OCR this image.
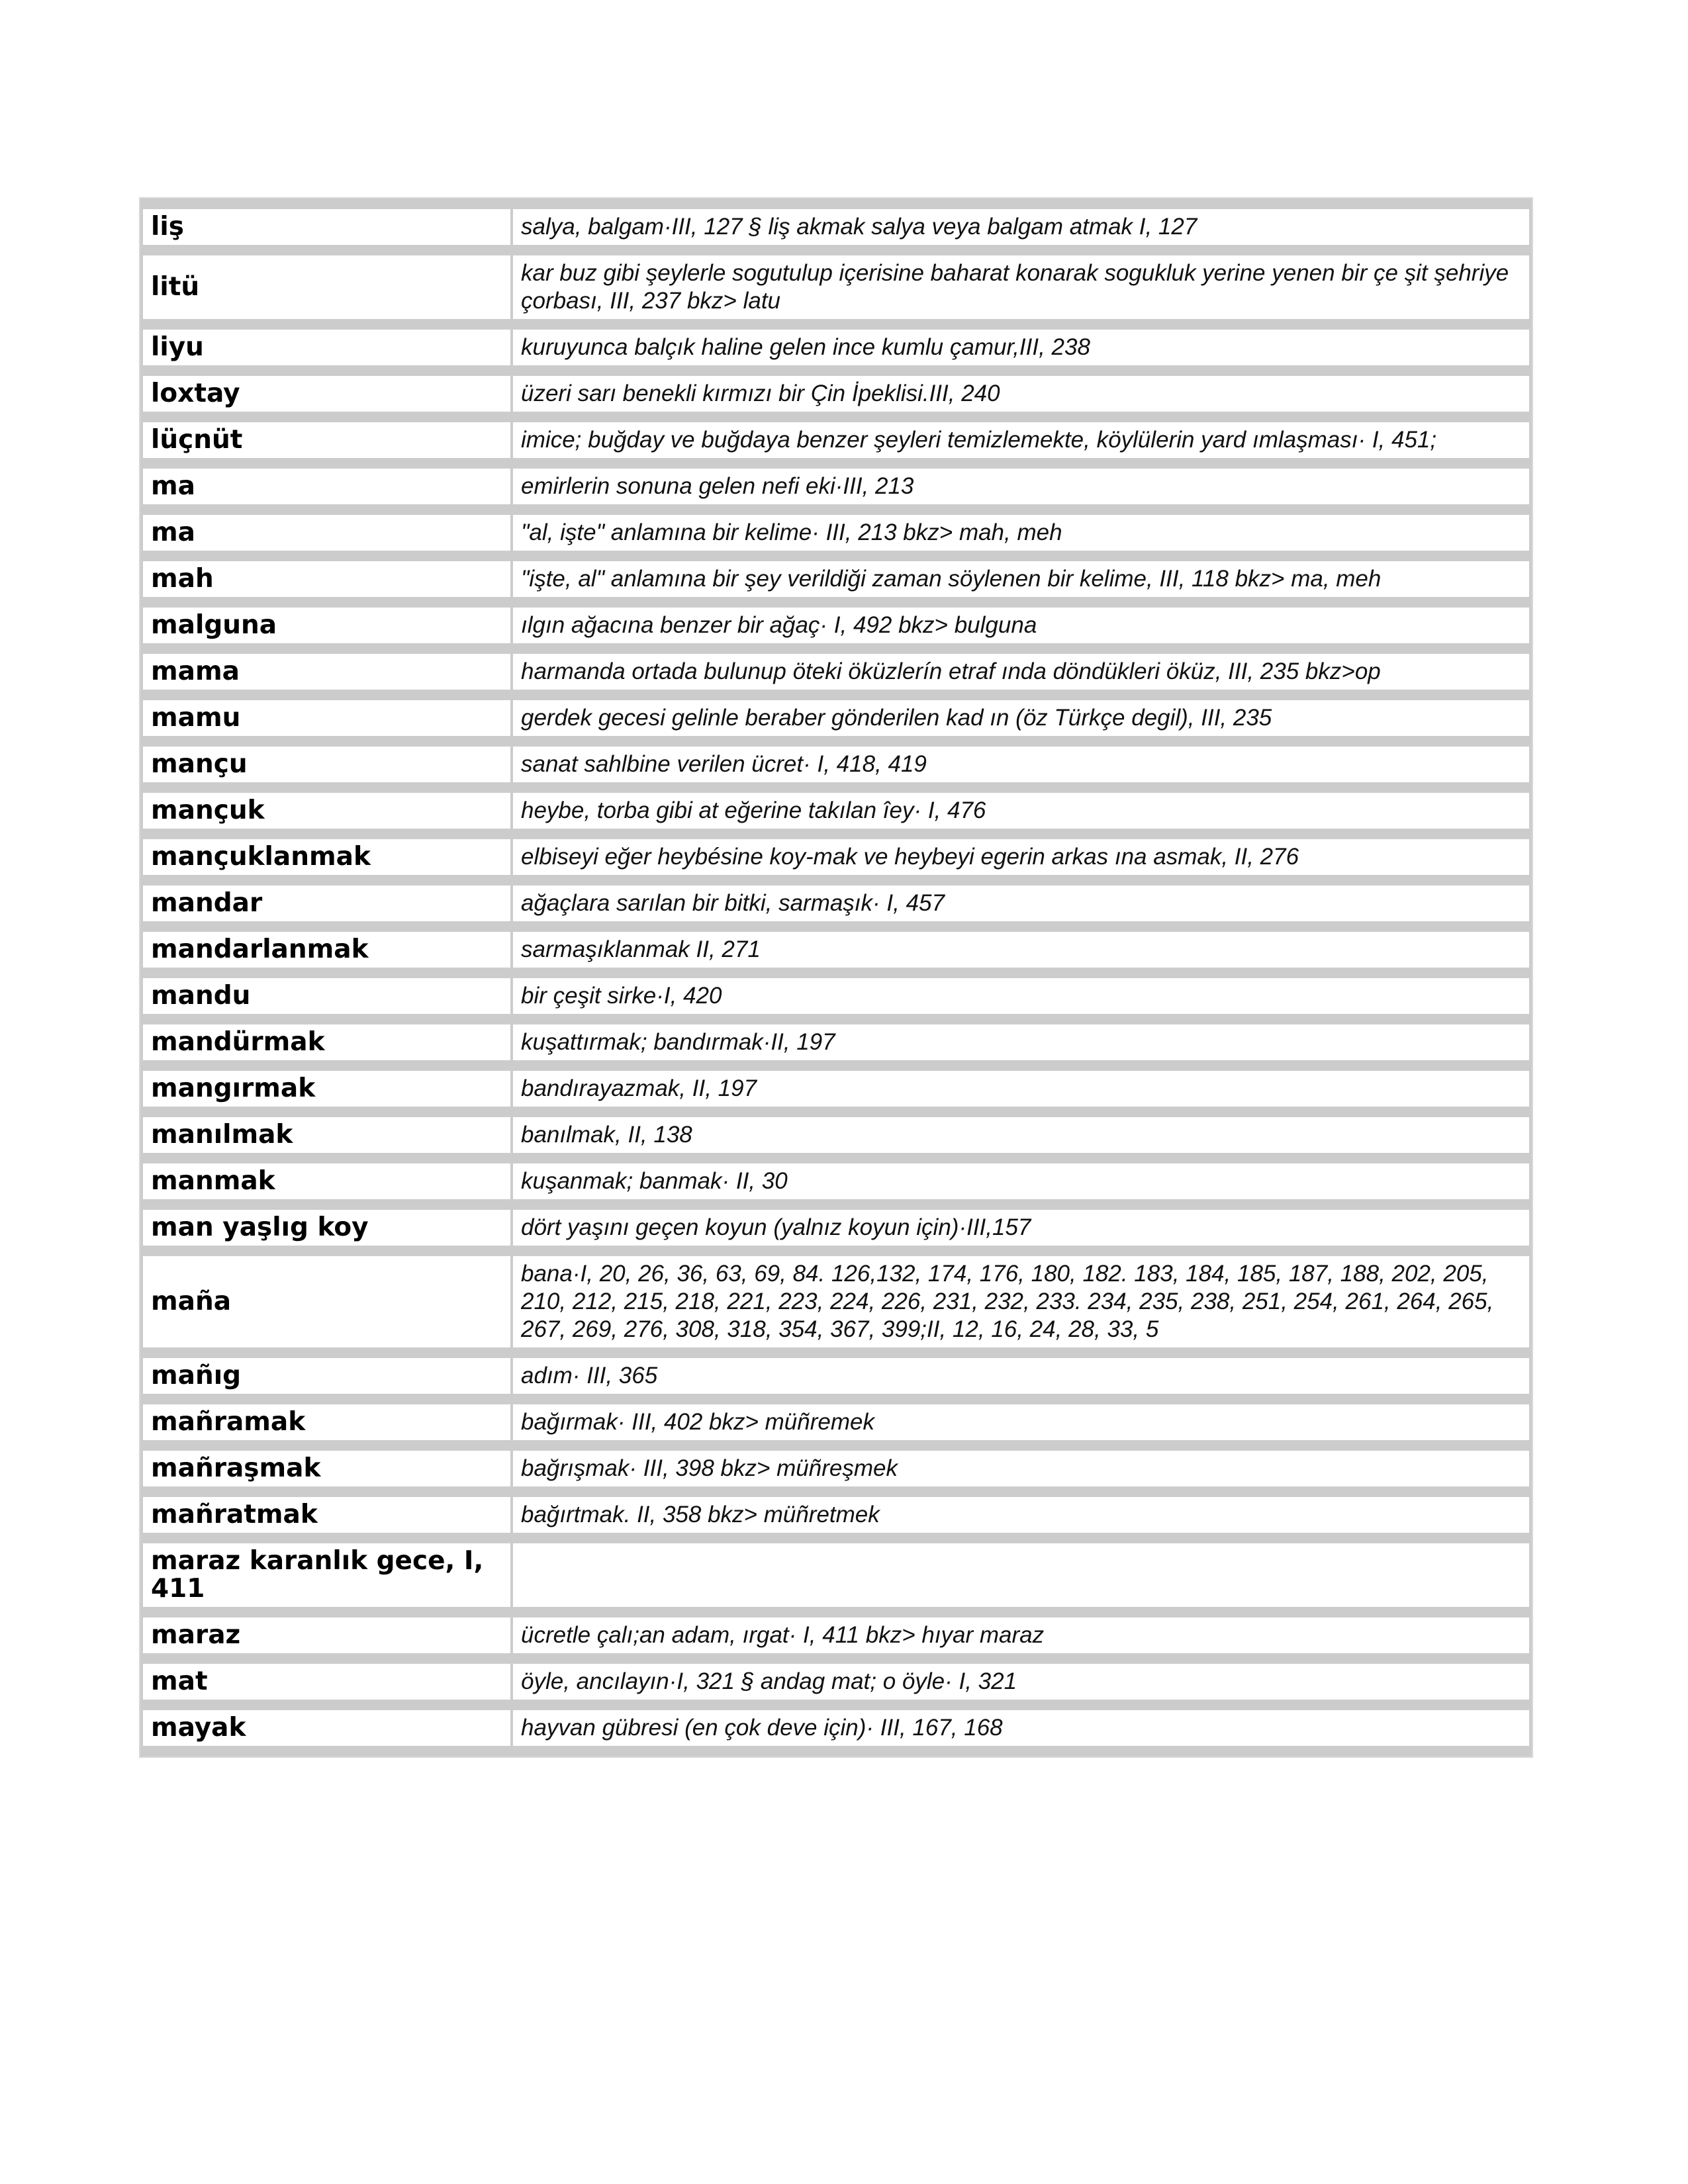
liş	salya, balgam·III, 127 § liş akmak salya veya balgam atmak I, 127
litü	kar buz gibi şeylerle sogutulup içerisine baharat konarak sogukluk yerine yenen bir çe şit şehriye çorbası, III, 237 bkz> latu
liyu	kuruyunca balçık haline gelen ince kumlu çamur,III, 238
loxtay	üzeri sarı benekli kırmızı bir Çin İpeklisi.III, 240
lüçnüt	imice; buğday ve buğdaya benzer şeyleri temizlemekte, köylülerin yard ımlaşması· I, 451;
ma	emirlerin sonuna gelen nefi eki·III, 213
ma	"al, işte" anlamına bir kelime· III, 213 bkz> mah, meh
mah	"işte, al" anlamına bir şey verildiği zaman söylenen bir kelime, III, 118 bkz> ma, meh
malguna	ılgın ağacına benzer bir ağaç· I, 492 bkz> bulguna
mama	harmanda ortada bulunup öteki öküzlerín etraf ında döndükleri öküz, III, 235 bkz>op
mamu	gerdek gecesi gelinle beraber gönderilen kad ın (öz Türkçe degil), III, 235
mançu	sanat sahlbine verilen ücret· I, 418, 419
mançuk	heybe, torba gibi at eğerine takılan îey· I, 476
mançuklanmak	elbiseyi eğer heybésine koy-mak ve heybeyi egerin arkas ına asmak, II, 276
mandar	ağaçlara sarılan bir bitki, sarmaşık· I, 457
mandarlanmak	sarmaşıklanmak II, 271
mandu	bir çeşit sirke·I, 420
mandürmak	kuşattırmak; bandırmak·II, 197
mangırmak	bandırayazmak, II, 197
manılmak	banılmak, II, 138
manmak	kuşanmak; banmak· II, 30
man yaşlıg koy	dört yaşını geçen koyun (yalnız koyun için)·III,157
maña	bana·I, 20, 26, 36, 63, 69, 84. 126,132, 174, 176, 180, 182. 183, 184, 185, 187, 188, 202, 205, 210, 212, 215, 218, 221, 223, 224, 226, 231, 232, 233. 234, 235, 238, 251, 254, 261, 264, 265, 267, 269, 276, 308, 318, 354, 367, 399;II, 12, 16, 24, 28, 33, 5
mañıg	adım· III, 365
mañramak	bağırmak· III, 402 bkz> müñremek
mañraşmak	bağrışmak· III, 398 bkz> müñreşmek
mañratmak	bağırtmak. II, 358 bkz> müñretmek
maraz karanlık gece, I, 411	
maraz	ücretle çalı;an adam, ırgat· I, 411 bkz> hıyar maraz
mat	öyle, ancılayın·I, 321 § andag mat; o öyle· I, 321
mayak	hayvan gübresi (en çok deve için)· III, 167, 168
